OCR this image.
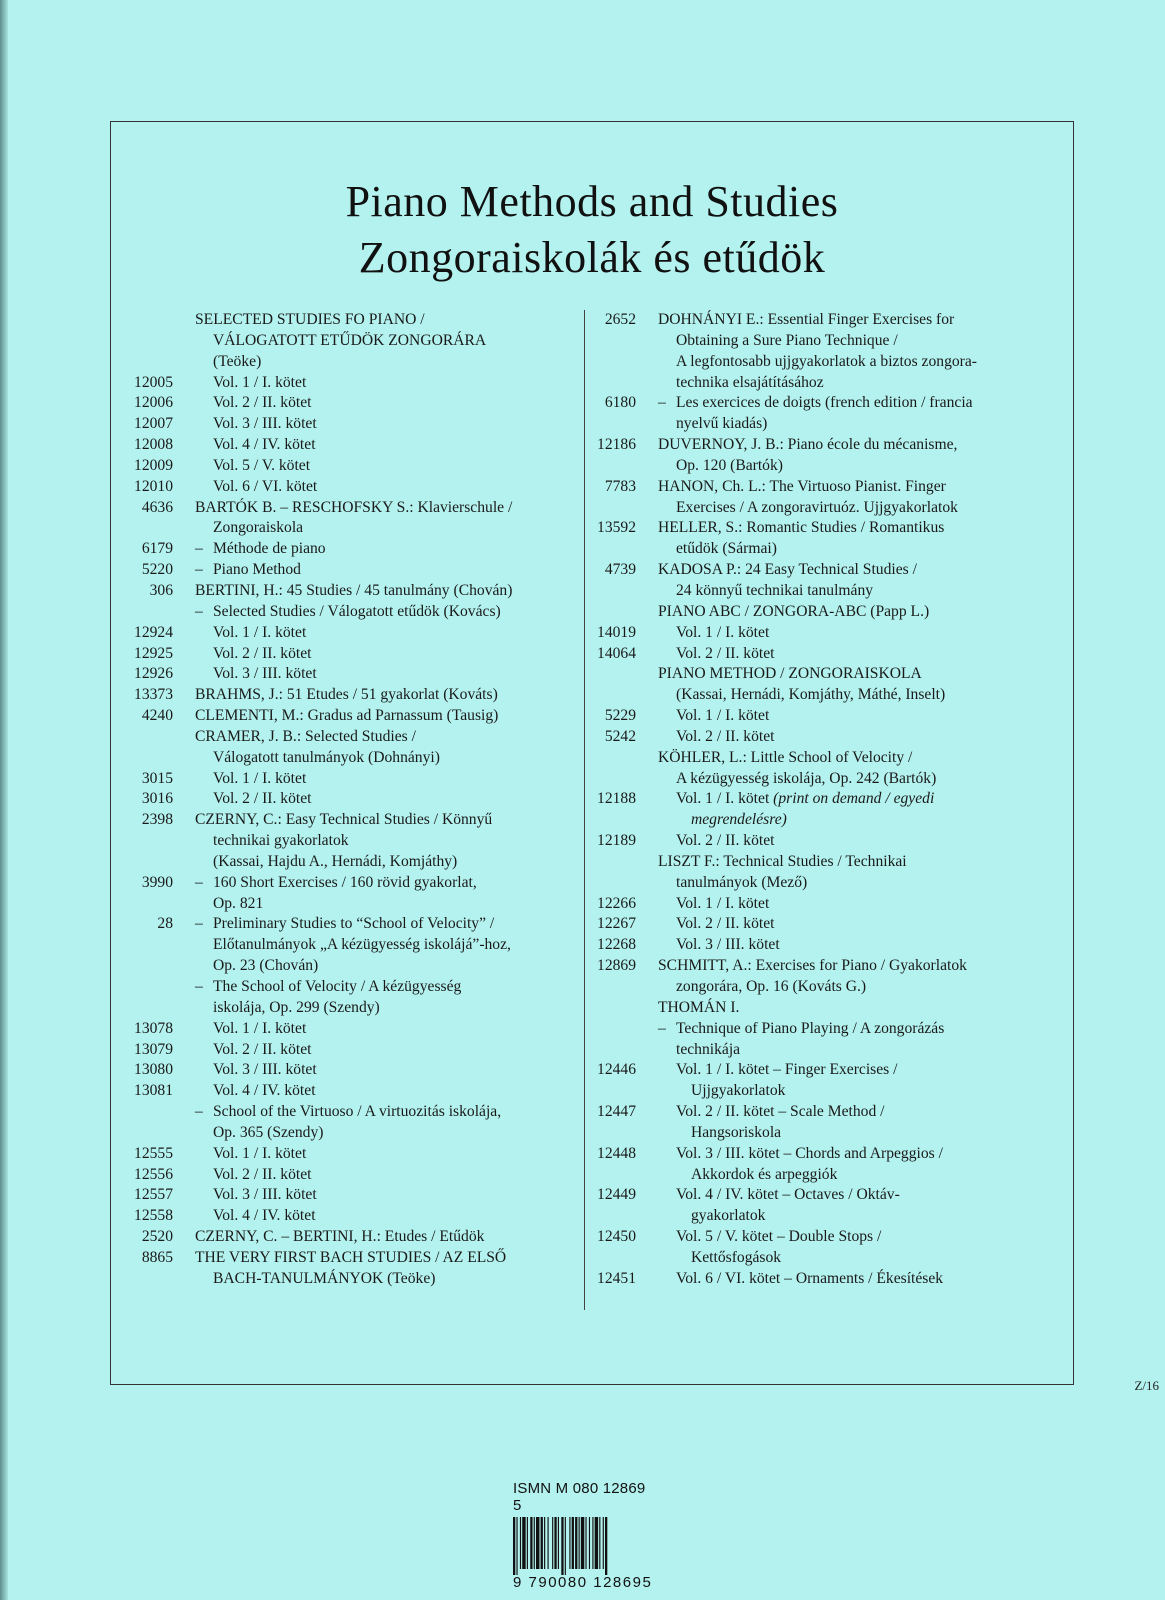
Piano Methods and Studies
Zongoraiskolák és etűdök
SELECTED STUDIES FO PIANO /
VÁLOGATOTT ETŰDÖK ZONGORÁRA
(Teöke)
12005	Vol. 1 / I. kötet
12006	Vol. 2 / II. kötet
12007	Vol. 3 / III. kötet
12008	Vol. 4 / IV. kötet
12009	Vol. 5 / V. kötet
12010	Vol. 6 / VI. kötet
4636	BARTÓK B. – RESCHOFSKY S.: Klavierschule /
Zongoraiskola
6179	– Méthode de piano
5220	– Piano Method
306	BERTINI, H.: 45 Studies / 45 tanulmány (Chován)
– Selected Studies / Válogatott etűdök (Kovács)
12924	Vol. 1 / I. kötet
12925	Vol. 2 / II. kötet
12926	Vol. 3 / III. kötet
13373	BRAHMS, J.: 51 Etudes / 51 gyakorlat (Kováts)
4240	CLEMENTI, M.: Gradus ad Parnassum (Tausig)
CRAMER, J. B.: Selected Studies /
Válogatott tanulmányok (Dohnányi)
3015	Vol. 1 / I. kötet
3016	Vol. 2 / II. kötet
2398	CZERNY, C.: Easy Technical Studies / Könnyű
technikai gyakorlatok
(Kassai, Hajdu A., Hernádi, Komjáthy)
3990	– 160 Short Exercises / 160 rövid gyakorlat,
Op. 821
28	– Preliminary Studies to “School of Velocity” /
Előtanulmányok „A kézügyesség iskolájá”-hoz,
Op. 23 (Chován)
– The School of Velocity / A kézügyesség
iskolája, Op. 299 (Szendy)
13078	Vol. 1 / I. kötet
13079	Vol. 2 / II. kötet
13080	Vol. 3 / III. kötet
13081	Vol. 4 / IV. kötet
– School of the Virtuoso / A virtuozitás iskolája,
Op. 365 (Szendy)
12555	Vol. 1 / I. kötet
12556	Vol. 2 / II. kötet
12557	Vol. 3 / III. kötet
12558	Vol. 4 / IV. kötet
2520	CZERNY, C. – BERTINI, H.: Etudes / Etűdök
8865	THE VERY FIRST BACH STUDIES / AZ ELSŐ
BACH-TANULMÁNYOK (Teöke)
2652	DOHNÁNYI E.: Essential Finger Exercises for
Obtaining a Sure Piano Technique /
A legfontosabb ujjgyakorlatok a biztos zongora-
technika elsajátításához
6180	– Les exercices de doigts (french edition / francia
nyelvű kiadás)
12186	DUVERNOY, J. B.: Piano école du mécanisme,
Op. 120 (Bartók)
7783	HANON, Ch. L.: The Virtuoso Pianist. Finger
Exercises / A zongoravirtuóz. Ujjgyakorlatok
13592	HELLER, S.: Romantic Studies / Romantikus
etűdök (Sármai)
4739	KADOSA P.: 24 Easy Technical Studies /
24 könnyű technikai tanulmány
PIANO ABC / ZONGORA-ABC (Papp L.)
14019	Vol. 1 / I. kötet
14064	Vol. 2 / II. kötet
PIANO METHOD / ZONGORAISKOLA
(Kassai, Hernádi, Komjáthy, Máthé, Inselt)
5229	Vol. 1 / I. kötet
5242	Vol. 2 / II. kötet
KÖHLER, L.: Little School of Velocity /
A kézügyesség iskolája, Op. 242 (Bartók)
12188	Vol. 1 / I. kötet (print on demand / egyedi
megrendelésre)
12189	Vol. 2 / II. kötet
LISZT F.: Technical Studies / Technikai
tanulmányok (Mező)
12266	Vol. 1 / I. kötet
12267	Vol. 2 / II. kötet
12268	Vol. 3 / III. kötet
12869	SCHMITT, A.: Exercises for Piano / Gyakorlatok
zongorára, Op. 16 (Kováts G.)
THOMÁN I.
– Technique of Piano Playing / A zongorázás
technikája
12446	Vol. 1 / I. kötet – Finger Exercises /
Ujjgyakorlatok
12447	Vol. 2 / II. kötet – Scale Method /
Hangsoriskola
12448	Vol. 3 / III. kötet – Chords and Arpeggios /
Akkordok és arpeggiók
12449	Vol. 4 / IV. kötet – Octaves / Oktáv-
gyakorlatok
12450	Vol. 5 / V. kötet – Double Stops /
Kettősfogások
12451	Vol. 6 / VI. kötet – Ornaments / Ékesítések
Z/16
ISMN M 080 12869 5
9 790080 128695
